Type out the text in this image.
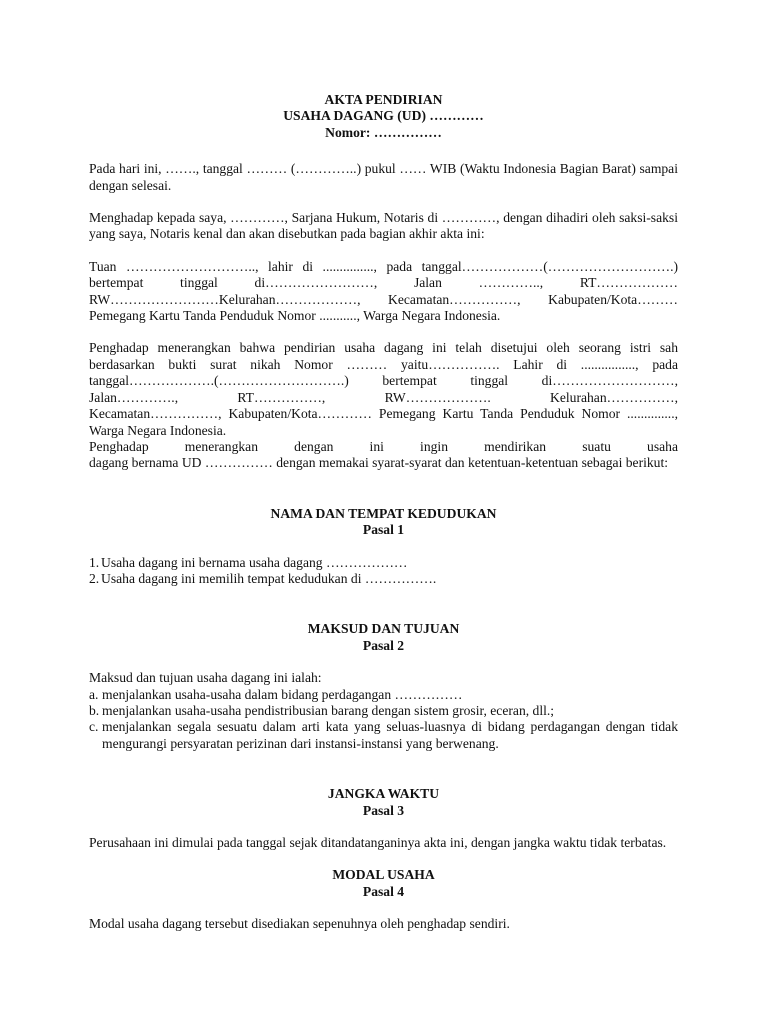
AKTA PENDIRIAN

USAHA DAGANG (UD) …………

Nomor: ……………

Pada hari ini, ……., tanggal ……… (…………..) pukul …… WIB (Waktu Indonesia Bagian Barat) sampai dengan selesai.

Menghadap kepada saya, …………, Sarjana Hukum, Notaris di …………, dengan dihadiri oleh saksi-saksi yang saya, Notaris kenal dan akan disebutkan pada bagian akhir akta ini:

Tuan ……………………….., lahir di ..............., pada tanggal………………(……………………….)

bertempat tinggal di……………………, Jalan ………….., RT………………

RW……………………Kelurahan………………, Kecamatan……………, Kabupaten/Kota………

Pemegang Kartu Tanda Penduduk Nomor ..........., Warga Negara Indonesia.

Penghadap menerangkan bahwa pendirian usaha dagang ini telah disetujui oleh seorang istri sah

berdasarkan bukti surat nikah Nomor ……… yaitu……………. Lahir di ................, pada

tanggal……………….(……………………….) bertempat tinggal di………………………,

Jalan…………., RT……………, RW………………. Kelurahan……………,

Kecamatan……………, Kabupaten/Kota………… Pemegang Kartu Tanda Penduduk Nomor ..............,

Warga Negara Indonesia.

Penghadap menerangkan dengan ini ingin mendirikan suatu usaha

dagang bernama UD …………… dengan memakai syarat-syarat dan ketentuan-ketentuan sebagai berikut:

NAMA DAN TEMPAT KEDUDUKAN

Pasal 1

1. Usaha dagang ini bernama usaha dagang ………………
2. Usaha dagang ini memilih tempat kedudukan di …………….

MAKSUD DAN TUJUAN

Pasal 2

Maksud dan tujuan usaha dagang ini ialah:

a. menjalankan usaha-usaha dalam bidang perdagangan ……………
b. menjalankan usaha-usaha pendistribusian barang dengan sistem grosir, eceran, dll.;
c. menjalankan segala sesuatu dalam arti kata yang seluas-luasnya di bidang perdagangan dengan tidak mengurangi persyaratan perizinan dari instansi-instansi yang berwenang.

JANGKA WAKTU

Pasal 3

Perusahaan ini dimulai pada tanggal sejak ditandatanganinya akta ini, dengan jangka waktu tidak terbatas.

MODAL USAHA

Pasal 4

Modal usaha dagang tersebut disediakan sepenuhnya oleh penghadap sendiri.
